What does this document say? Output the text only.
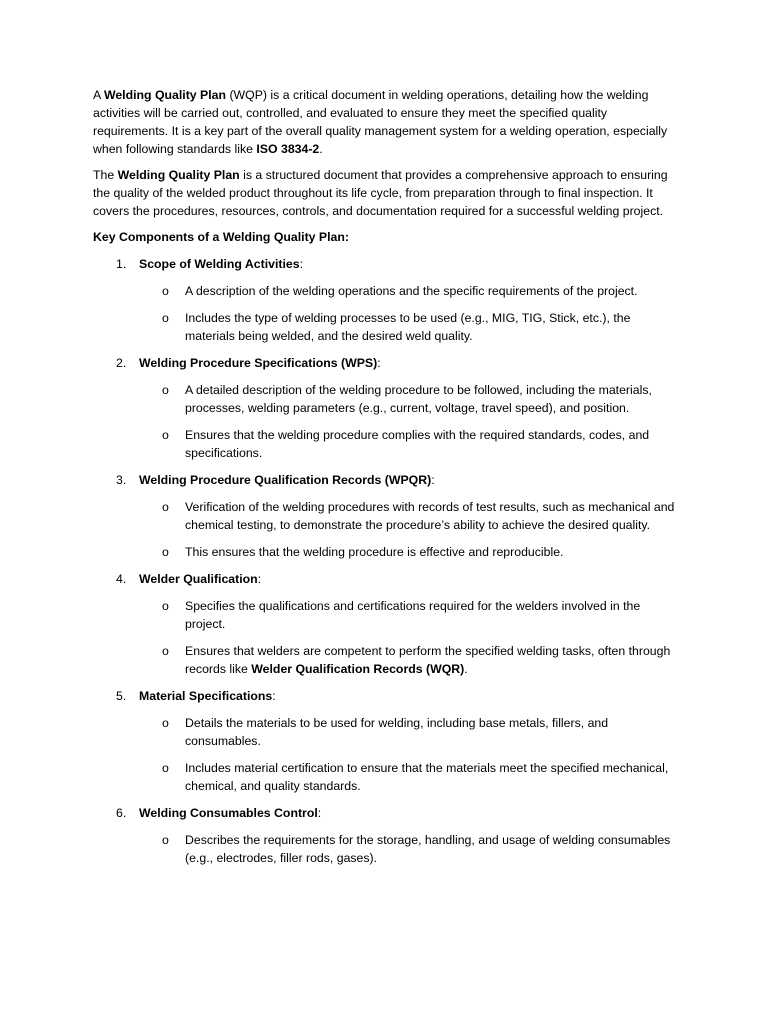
A Welding Quality Plan (WQP) is a critical document in welding operations, detailing how the welding activities will be carried out, controlled, and evaluated to ensure they meet the specified quality requirements. It is a key part of the overall quality management system for a welding operation, especially when following standards like ISO 3834-2.

The Welding Quality Plan is a structured document that provides a comprehensive approach to ensuring the quality of the welded product throughout its life cycle, from preparation through to final inspection. It covers the procedures, resources, controls, and documentation required for a successful welding project.

Key Components of a Welding Quality Plan:

1. Scope of Welding Activities:
o A description of the welding operations and the specific requirements of the project.
o Includes the type of welding processes to be used (e.g., MIG, TIG, Stick, etc.), the materials being welded, and the desired weld quality.
2. Welding Procedure Specifications (WPS):
o A detailed description of the welding procedure to be followed, including the materials, processes, welding parameters (e.g., current, voltage, travel speed), and position.
o Ensures that the welding procedure complies with the required standards, codes, and specifications.
3. Welding Procedure Qualification Records (WPQR):
o Verification of the welding procedures with records of test results, such as mechanical and chemical testing, to demonstrate the procedure’s ability to achieve the desired quality.
o This ensures that the welding procedure is effective and reproducible.
4. Welder Qualification:
o Specifies the qualifications and certifications required for the welders involved in the project.
o Ensures that welders are competent to perform the specified welding tasks, often through records like Welder Qualification Records (WQR).
5. Material Specifications:
o Details the materials to be used for welding, including base metals, fillers, and consumables.
o Includes material certification to ensure that the materials meet the specified mechanical, chemical, and quality standards.
6. Welding Consumables Control:
o Describes the requirements for the storage, handling, and usage of welding consumables (e.g., electrodes, filler rods, gases).
